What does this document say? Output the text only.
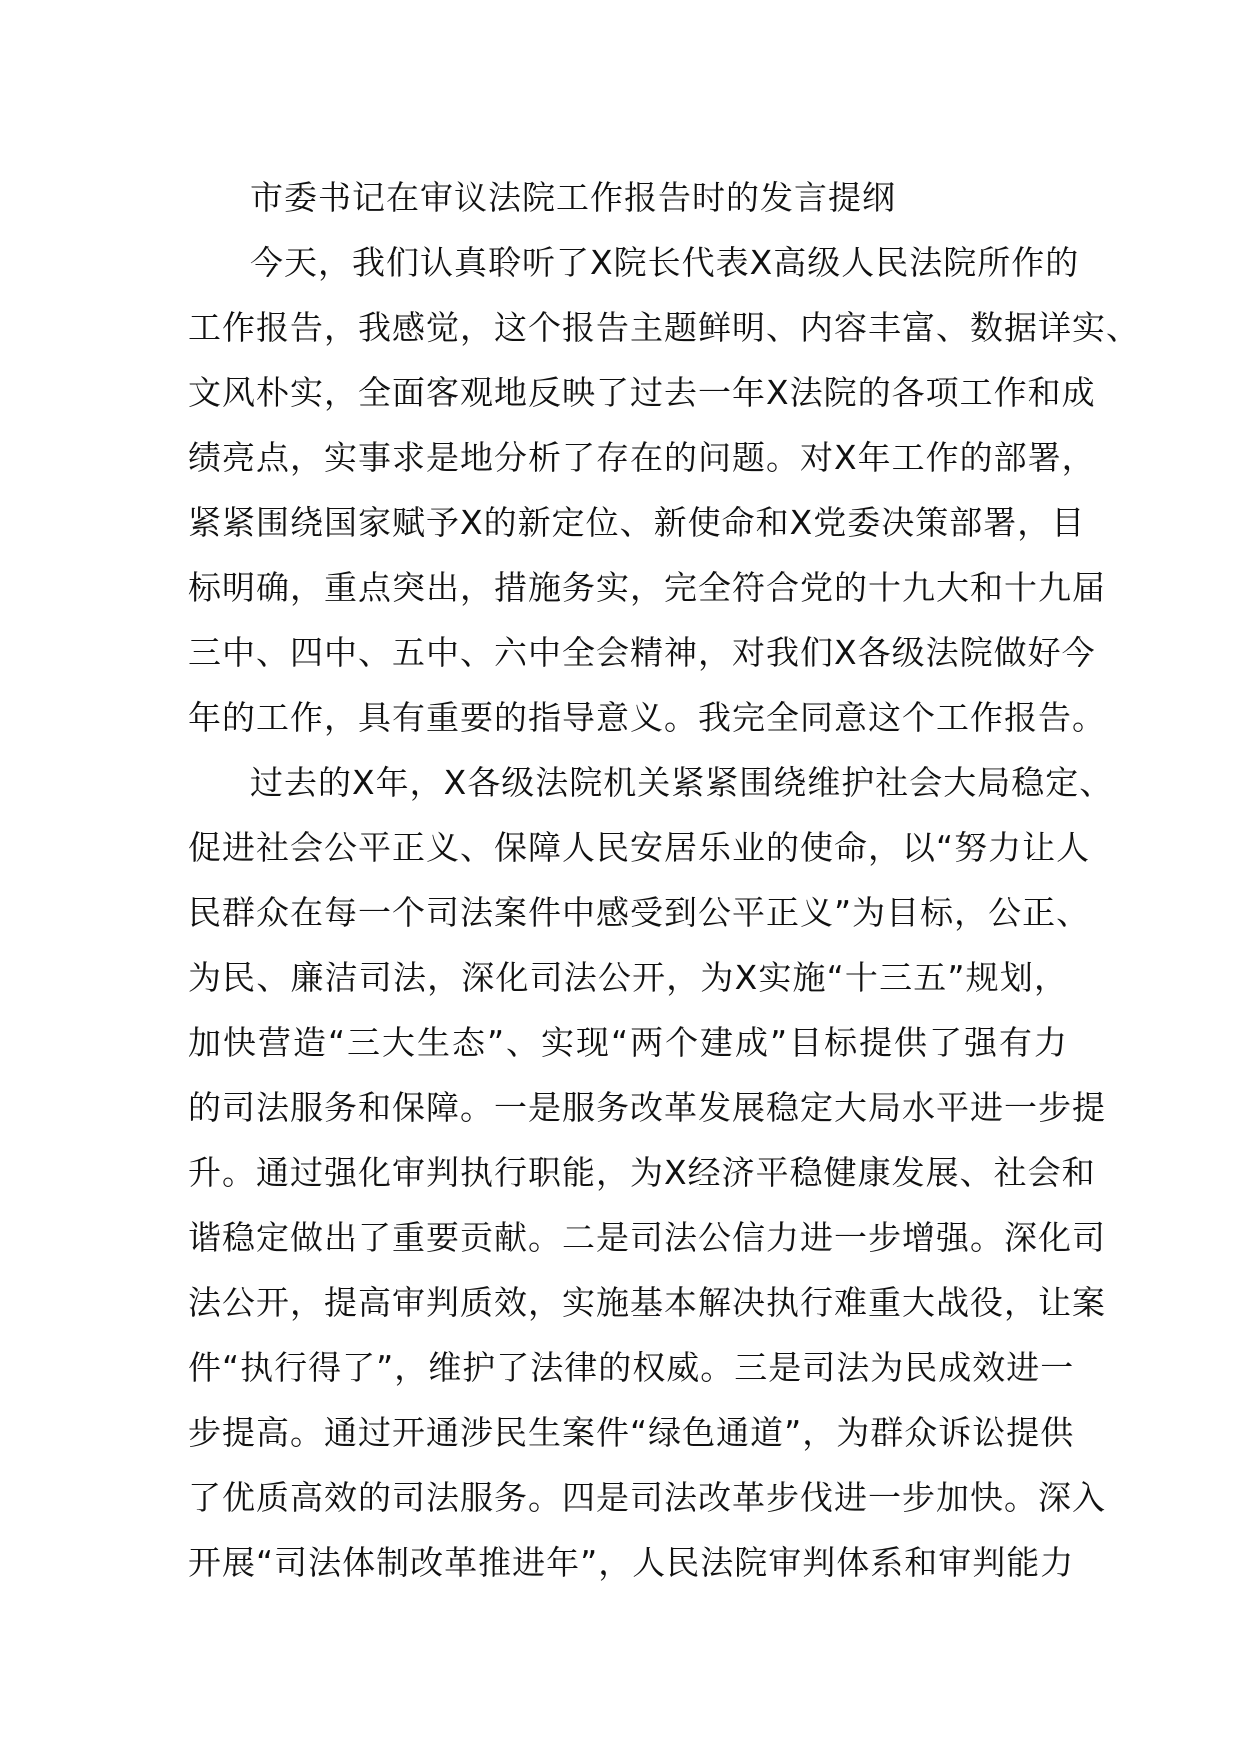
市委书记在审议法院工作报告时的发言提纲
今天，我们认真聆听了X院长代表X高级人民法院所作的
工作报告，我感觉，这个报告主题鲜明、内容丰富、数据详实、
文风朴实，全面客观地反映了过去一年X法院的各项工作和成
绩亮点，实事求是地分析了存在的问题。对X年工作的部署，
紧紧围绕国家赋予X的新定位、新使命和X党委决策部署，目
标明确，重点突出，措施务实，完全符合党的十九大和十九届
三中、四中、五中、六中全会精神，对我们X各级法院做好今
年的工作，具有重要的指导意义。我完全同意这个工作报告。
过去的X年，X各级法院机关紧紧围绕维护社会大局稳定、
促进社会公平正义、保障人民安居乐业的使命，以“努力让人
民群众在每一个司法案件中感受到公平正义”为目标，公正、
为民、廉洁司法，深化司法公开，为X实施“十三五”规划，
加快营造“三大生态”、实现“两个建成”目标提供了强有力
的司法服务和保障。一是服务改革发展稳定大局水平进一步提
升。通过强化审判执行职能，为X经济平稳健康发展、社会和
谐稳定做出了重要贡献。二是司法公信力进一步增强。深化司
法公开，提高审判质效，实施基本解决执行难重大战役，让案
件“执行得了”，维护了法律的权威。三是司法为民成效进一
步提高。通过开通涉民生案件“绿色通道”，为群众诉讼提供
了优质高效的司法服务。四是司法改革步伐进一步加快。深入
开展“司法体制改革推进年”，人民法院审判体系和审判能力
